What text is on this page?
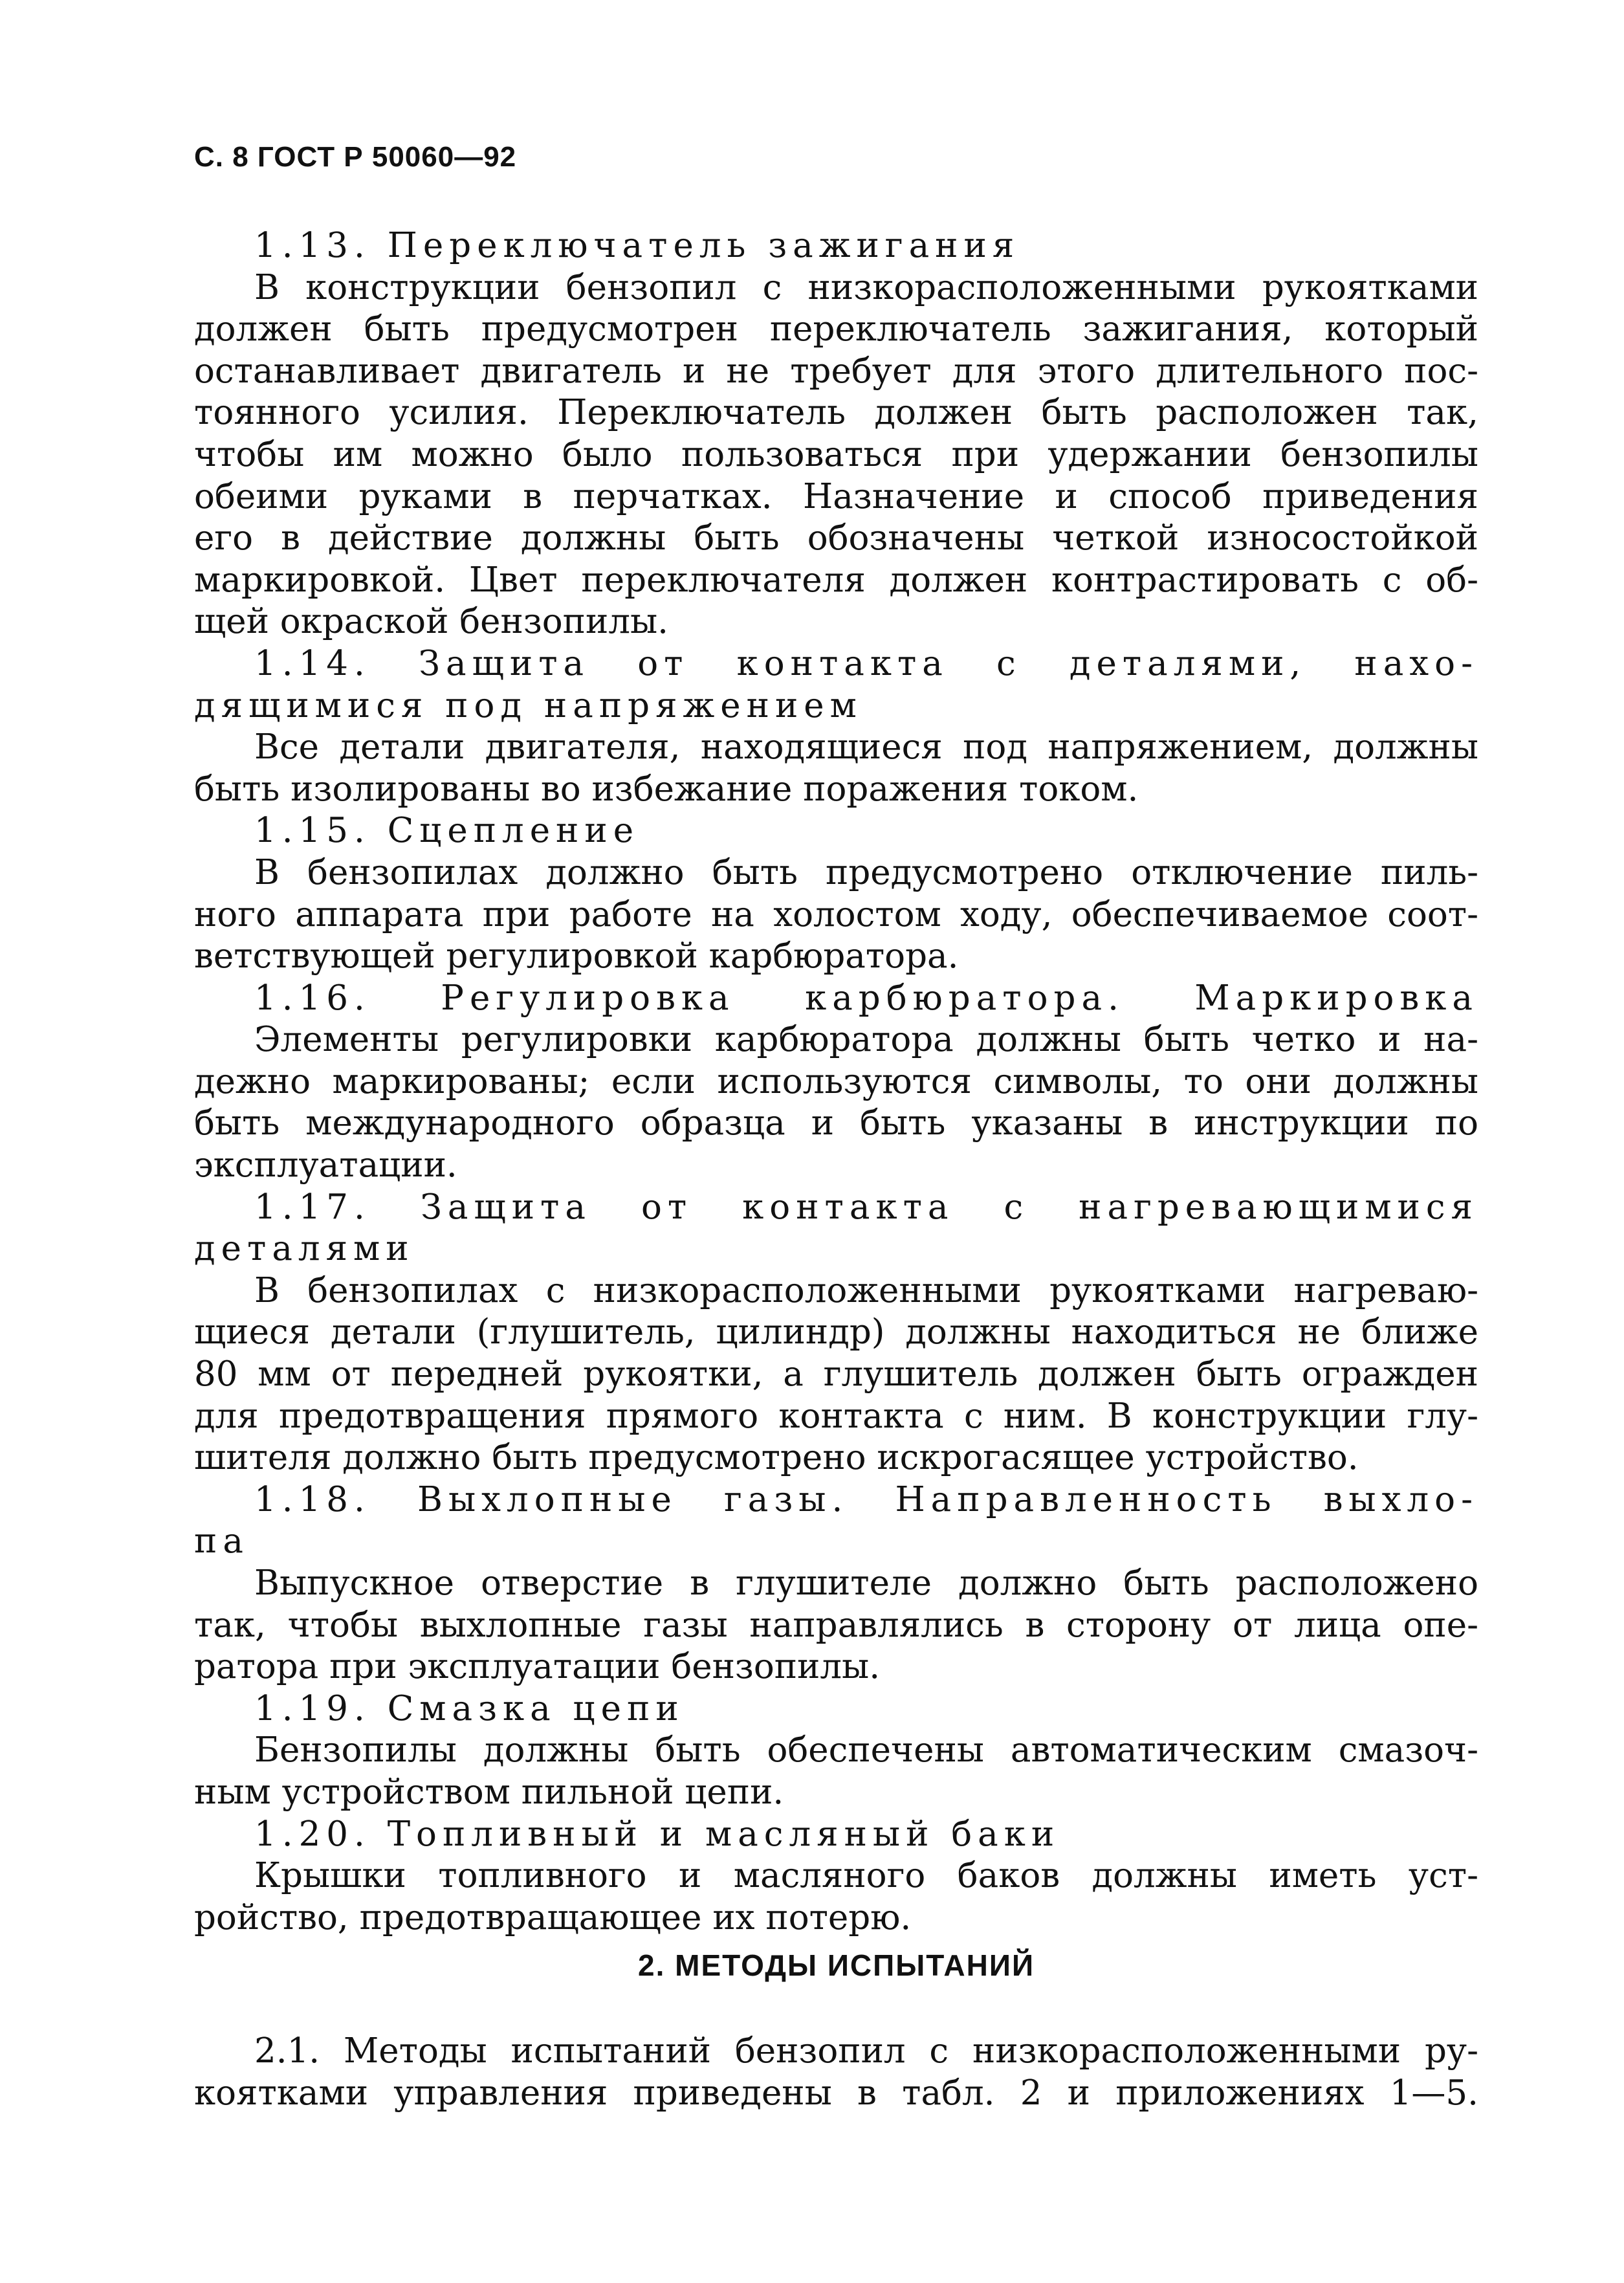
С. 8 ГОСТ Р 50060—92
1.13. Переключатель зажигания
В конструкции бензопил с низкорасположенными рукоятками
должен быть предусмотрен переключатель зажигания, который
останавливает двигатель и не требует для этого длительного пос-
тоянного усилия. Переключатель должен быть расположен так,
чтобы им можно было пользоваться при удержании бензопилы
обеими руками в перчатках. Назначение и способ приведения
его в действие должны быть обозначены четкой износостойкой
маркировкой. Цвет переключателя должен контрастировать с об-
щей окраской бензопилы.
1.14. Защита от контакта с деталями, нахо-
дящимися под напряжением
Все детали двигателя, находящиеся под напряжением, должны
быть изолированы во избежание поражения током.
1.15. Сцепление
В бензопилах должно быть предусмотрено отключение пиль-
ного аппарата при работе на холостом ходу, обеспечиваемое соот-
ветствующей регулировкой карбюратора.
1.16. Регулировка карбюратора. Маркировка
Элементы регулировки карбюратора должны быть четко и на-
дежно маркированы; если используются символы, то они должны
быть международного образца и быть указаны в инструкции по
эксплуатации.
1.17. Защита от контакта с нагревающимися
деталями
В бензопилах с низкорасположенными рукоятками нагреваю-
щиеся детали (глушитель, цилиндр) должны находиться не ближе
80 мм от передней рукоятки, а глушитель должен быть огражден
для предотвращения прямого контакта с ним. В конструкции глу-
шителя должно быть предусмотрено искрогасящее устройство.
1.18. Выхлопные газы. Направленность выхло-
па
Выпускное отверстие в глушителе должно быть расположено
так, чтобы выхлопные газы направлялись в сторону от лица опе-
ратора при эксплуатации бензопилы.
1.19. Смазка цепи
Бензопилы должны быть обеспечены автоматическим смазоч-
ным устройством пильной цепи.
1.20. Топливный и масляный баки
Крышки топливного и масляного баков должны иметь уст-
ройство, предотвращающее их потерю.
2. МЕТОДЫ ИСПЫТАНИЙ
2.1. Методы испытаний бензопил с низкорасположенными ру-
коятками управления приведены в табл. 2 и приложениях 1—5.
